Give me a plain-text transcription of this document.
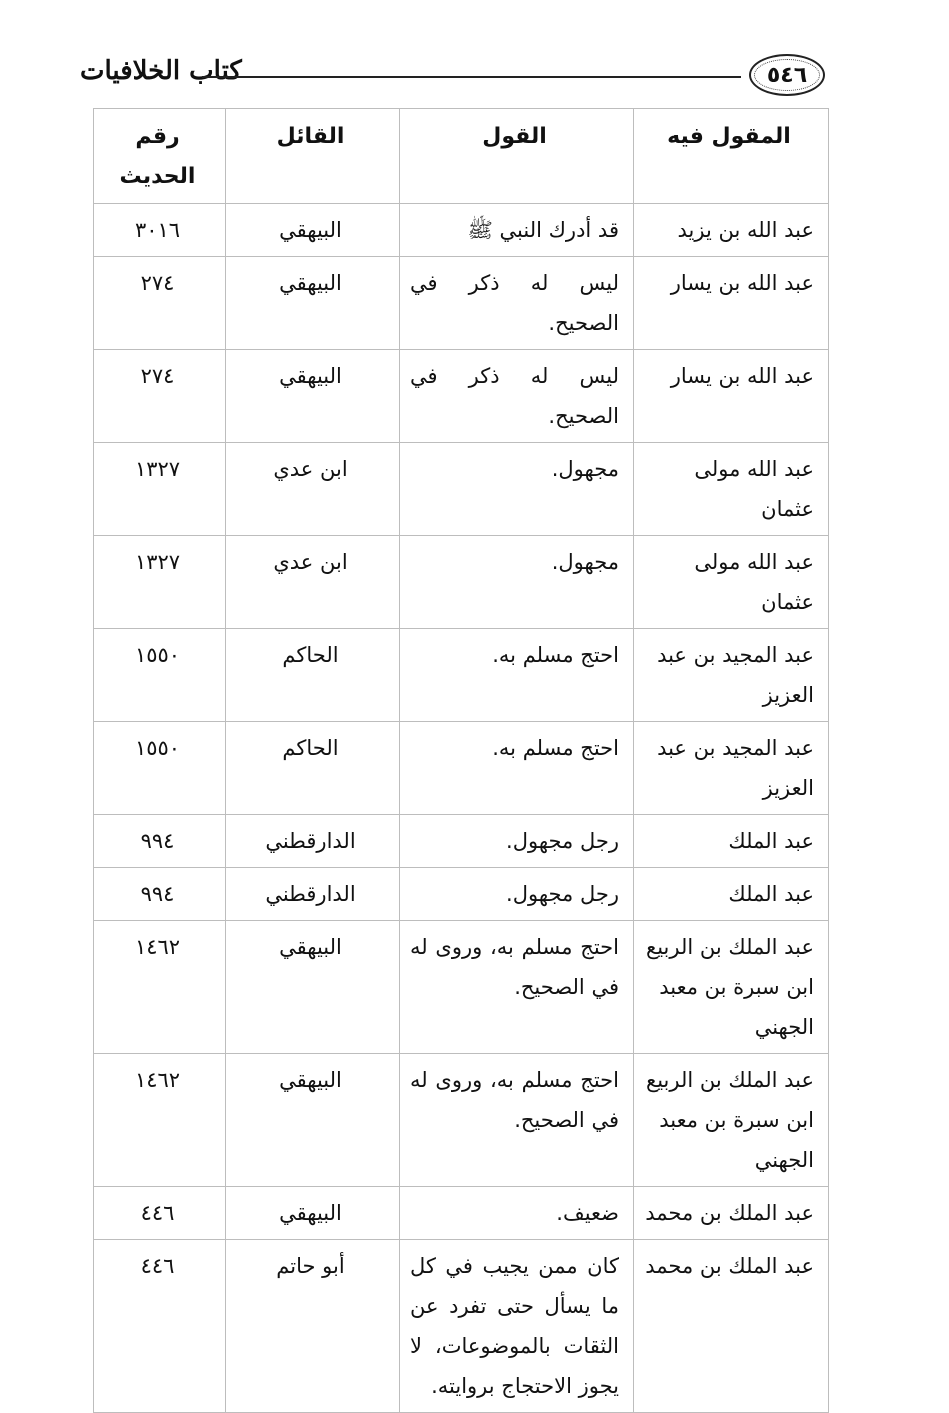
كتاب الخلافيات	٥٤٦
المقول فيه	القول	القائل	رقم الحديث
عبد الله بن يزيد	قد أدرك النبي ﷺ	البيهقي	٣٠١٦
عبد الله بن يسار	ليس له ذكر في الصحيح.	البيهقي	٢٧٤
عبد الله بن يسار	ليس له ذكر في الصحيح.	البيهقي	٢٧٤
عبد الله مولى عثمان	مجهول.	ابن عدي	١٣٢٧
عبد الله مولى عثمان	مجهول.	ابن عدي	١٣٢٧
عبد المجيد بن عبد العزيز	احتج مسلم به.	الحاكم	١٥٥٠
عبد المجيد بن عبد العزيز	احتج مسلم به.	الحاكم	١٥٥٠
عبد الملك	رجل مجهول.	الدارقطني	٩٩٤
عبد الملك	رجل مجهول.	الدارقطني	٩٩٤
عبد الملك بن الربيع ابن سبرة بن معبد الجهني	احتج مسلم به، وروى له في الصحيح.	البيهقي	١٤٦٢
عبد الملك بن الربيع ابن سبرة بن معبد الجهني	احتج مسلم به، وروى له في الصحيح.	البيهقي	١٤٦٢
عبد الملك بن محمد	ضعيف.	البيهقي	٤٤٦
عبد الملك بن محمد	كان ممن يجيب في كل ما يسأل حتى تفرد عن الثقات بالموضوعات، لا يجوز الاحتجاج بروايته.	أبو حاتم	٤٤٦
